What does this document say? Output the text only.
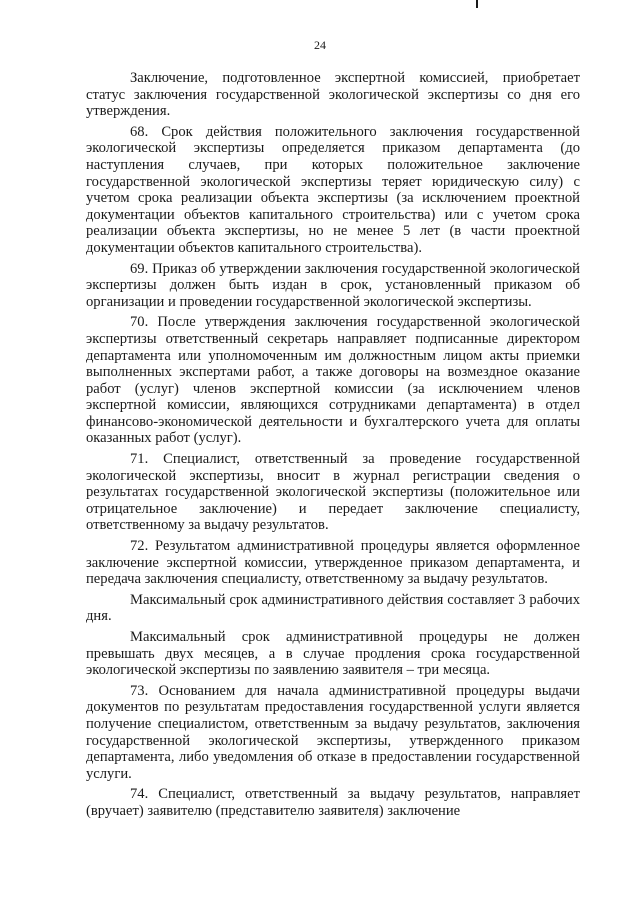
24

Заключение, подготовленное экспертной комиссией, приобретает статус заключения государственной экологической экспертизы со дня его утверждения.

68. Срок действия положительного заключения государственной экологической экспертизы определяется приказом департамента (до наступления случаев, при которых положительное заключение государственной экологической экспертизы теряет юридическую силу) с учетом срока реализации объекта экспертизы (за исключением проектной документации объектов капитального строительства) или с учетом срока реализации объекта экспертизы, но не менее 5 лет (в части проектной документации объектов капитального строительства).

69. Приказ об утверждении заключения государственной экологической экспертизы должен быть издан в срок, установленный приказом об организации и проведении государственной экологической экспертизы.

70. После утверждения заключения государственной экологической экспертизы ответственный секретарь направляет подписанные директором департамента или уполномоченным им должностным лицом акты приемки выполненных экспертами работ, а также договоры на возмездное оказание работ (услуг) членов экспертной комиссии (за исключением членов экспертной комиссии, являющихся сотрудниками департамента) в отдел финансово-экономической деятельности и бухгалтерского учета для оплаты оказанных работ (услуг).

71. Специалист, ответственный за проведение государственной экологической экспертизы, вносит в журнал регистрации сведения о результатах государственной экологической экспертизы (положительное или отрицательное заключение) и передает заключение специалисту, ответственному за выдачу результатов.

72. Результатом административной процедуры является оформленное заключение экспертной комиссии, утвержденное приказом департамента, и передача заключения специалисту, ответственному за выдачу результатов.

Максимальный срок административного действия составляет 3 рабочих дня.

Максимальный срок административной процедуры не должен превышать двух месяцев, а в случае продления срока государственной экологической экспертизы по заявлению заявителя – три месяца.

73. Основанием для начала административной процедуры выдачи документов по результатам предоставления государственной услуги является получение специалистом, ответственным за выдачу результатов, заключения государственной экологической экспертизы, утвержденного приказом департамента, либо уведомления об отказе в предоставлении государственной услуги.

74. Специалист, ответственный за выдачу результатов, направляет (вручает) заявителю (представителю заявителя) заключение
